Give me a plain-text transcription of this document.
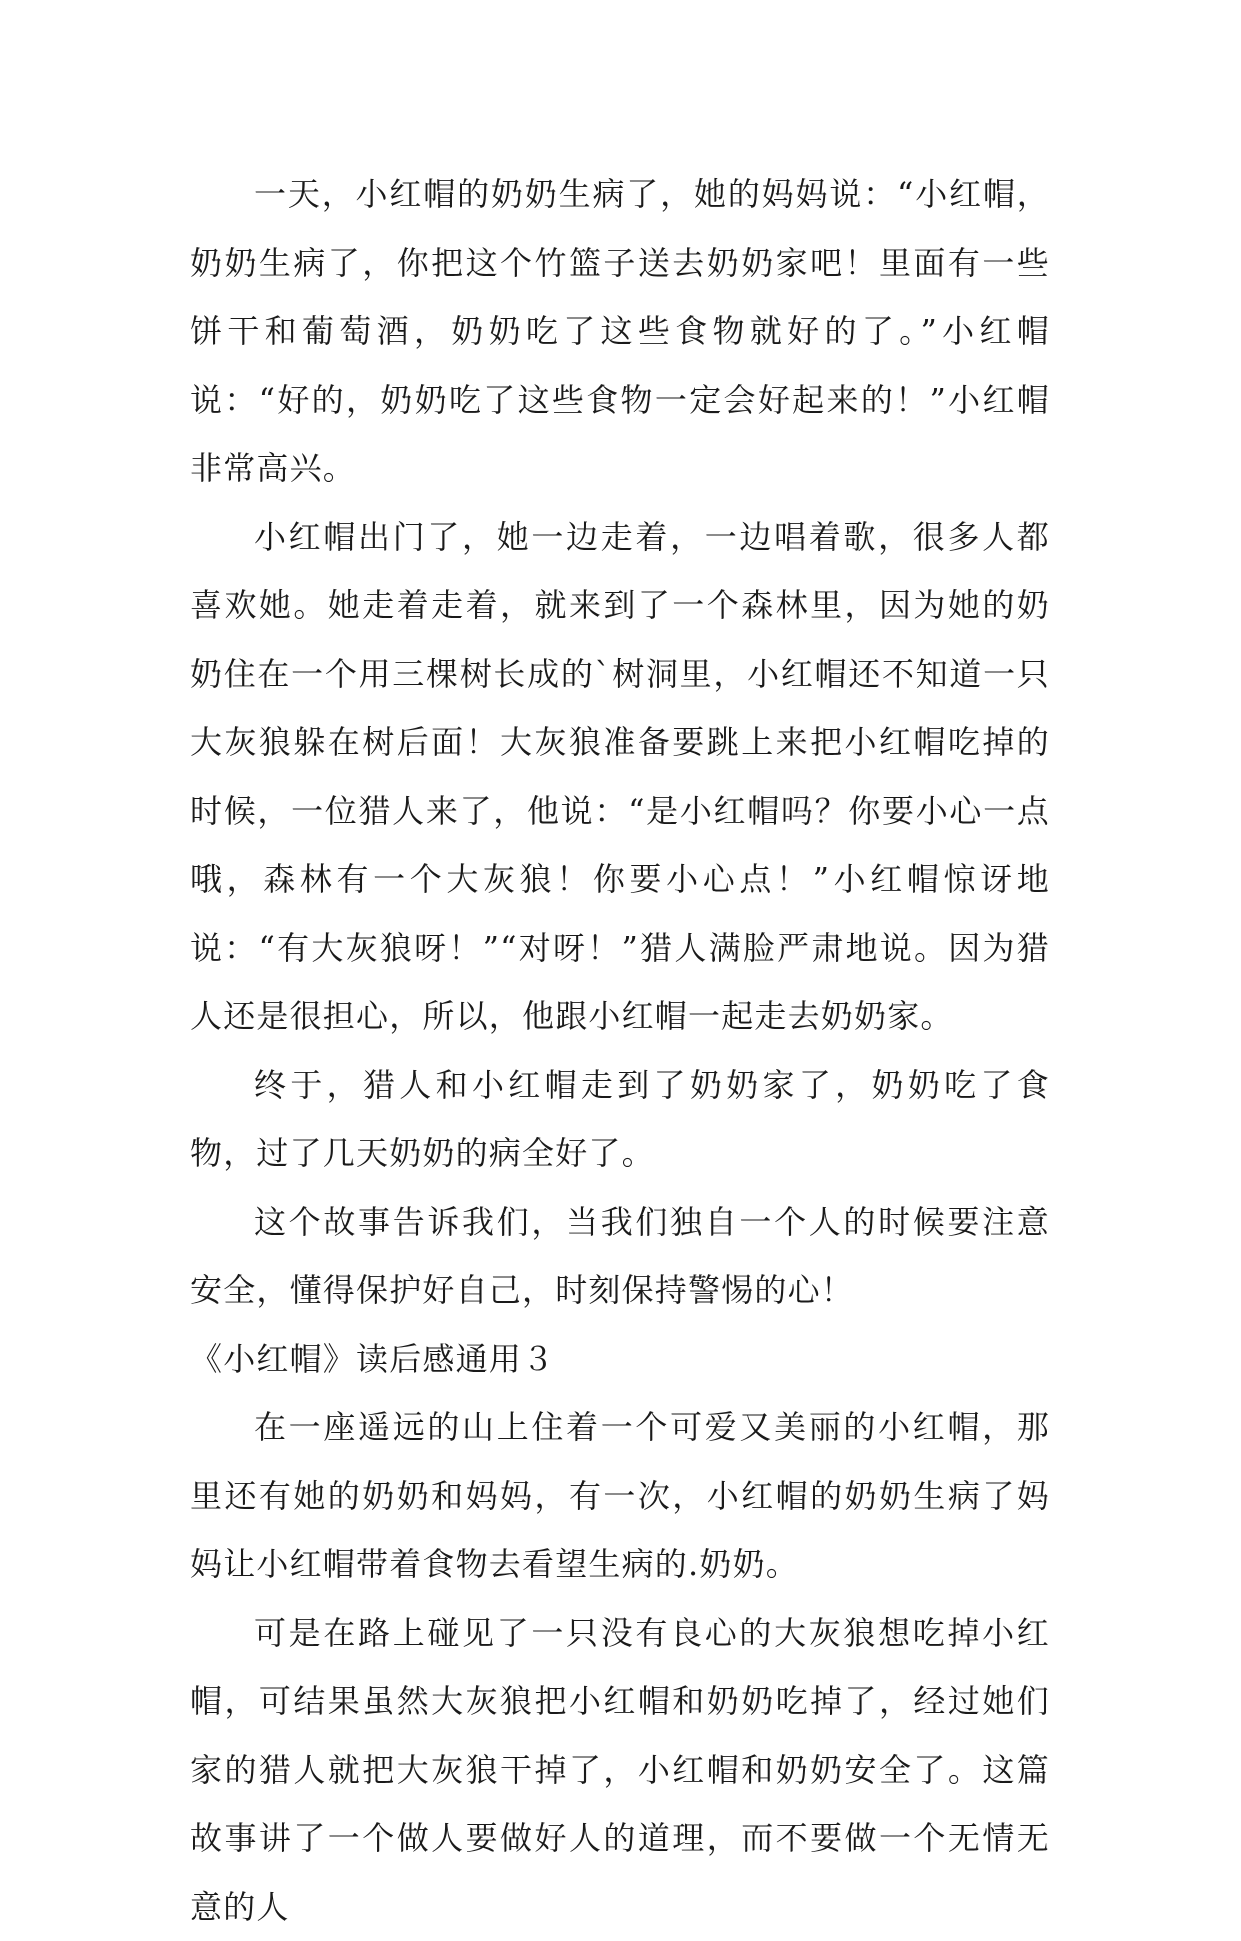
一天，小红帽的奶奶生病了，她的妈妈说：“小红帽，奶奶生病了，你把这个竹篮子送去奶奶家吧！里面有一些饼干和葡萄酒，奶奶吃了这些食物就好的了。”小红帽说：“好的，奶奶吃了这些食物一定会好起来的！”小红帽非常高兴。

小红帽出门了，她一边走着，一边唱着歌，很多人都喜欢她。她走着走着，就来到了一个森林里，因为她的奶奶住在一个用三棵树长成的`树洞里，小红帽还不知道一只大灰狼躲在树后面！大灰狼准备要跳上来把小红帽吃掉的时候，一位猎人来了，他说：“是小红帽吗？你要小心一点哦，森林有一个大灰狼！你要小心点！”小红帽惊讶地说：“有大灰狼呀！”“对呀！”猎人满脸严肃地说。因为猎人还是很担心，所以，他跟小红帽一起走去奶奶家。

终于，猎人和小红帽走到了奶奶家了，奶奶吃了食物，过了几天奶奶的病全好了。

这个故事告诉我们，当我们独自一个人的时候要注意安全，懂得保护好自己，时刻保持警惕的心！

《小红帽》读后感通用３

在一座遥远的山上住着一个可爱又美丽的小红帽，那里还有她的奶奶和妈妈，有一次，小红帽的奶奶生病了妈妈让小红帽带着食物去看望生病的.奶奶。

可是在路上碰见了一只没有良心的大灰狼想吃掉小红帽，可结果虽然大灰狼把小红帽和奶奶吃掉了，经过她们家的猎人就把大灰狼干掉了，小红帽和奶奶安全了。这篇故事讲了一个做人要做好人的道理，而不要做一个无情无意的人
